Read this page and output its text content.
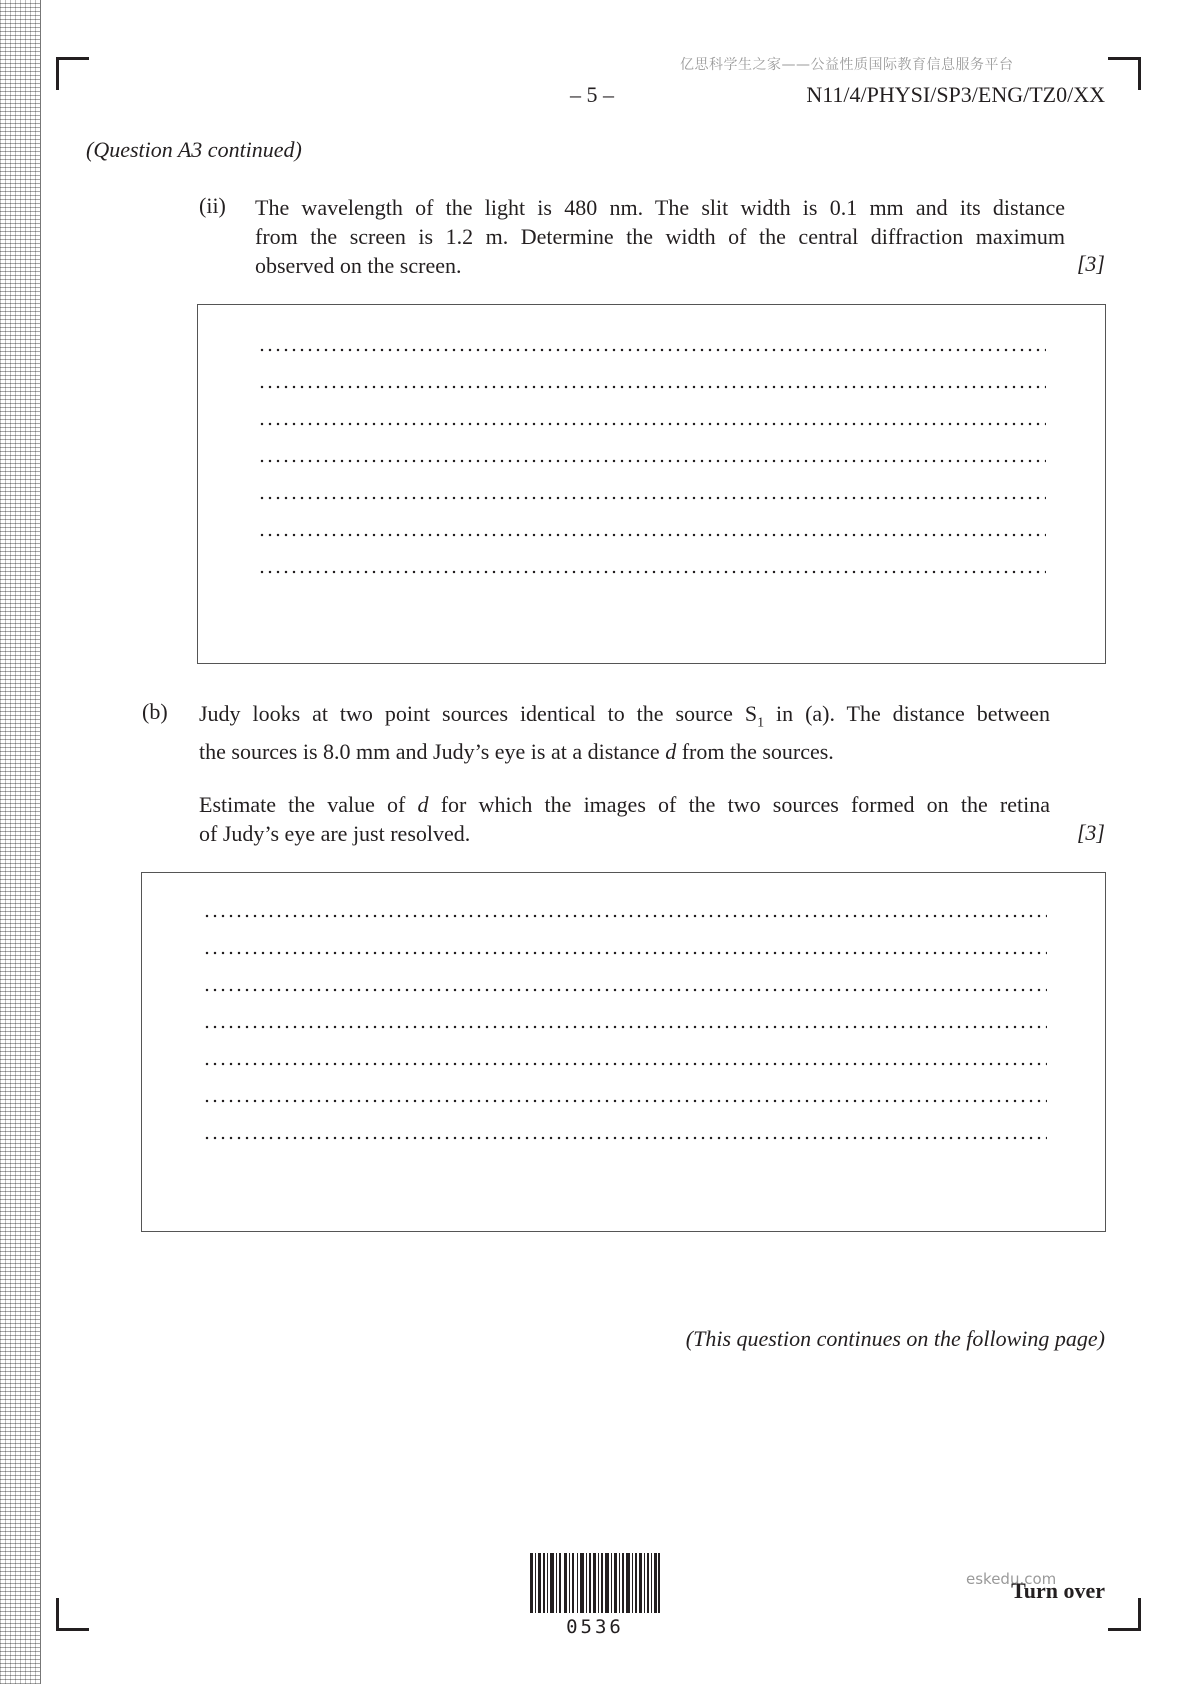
亿思科学生之家——公益性质国际教育信息服务平台
– 5 –	N11/4/PHYSI/SP3/ENG/TZ0/XX
(Question A3 continued)
(ii) The wavelength of the light is 480 nm. The slit width is 0.1 mm and its distance
from the screen is 1.2 m. Determine the width of the central diffraction maximum
observed on the screen.	[3]
(b) Judy looks at two point sources identical to the source $S_1$ in (a). The distance between
the sources is 8.0 mm and Judy’s eye is at a distance d from the sources.
Estimate the value of d for which the images of the two sources formed on the retina
of Judy’s eye are just resolved.	[3]
(This question continues on the following page)
0536
eskedu.com
Turn over
